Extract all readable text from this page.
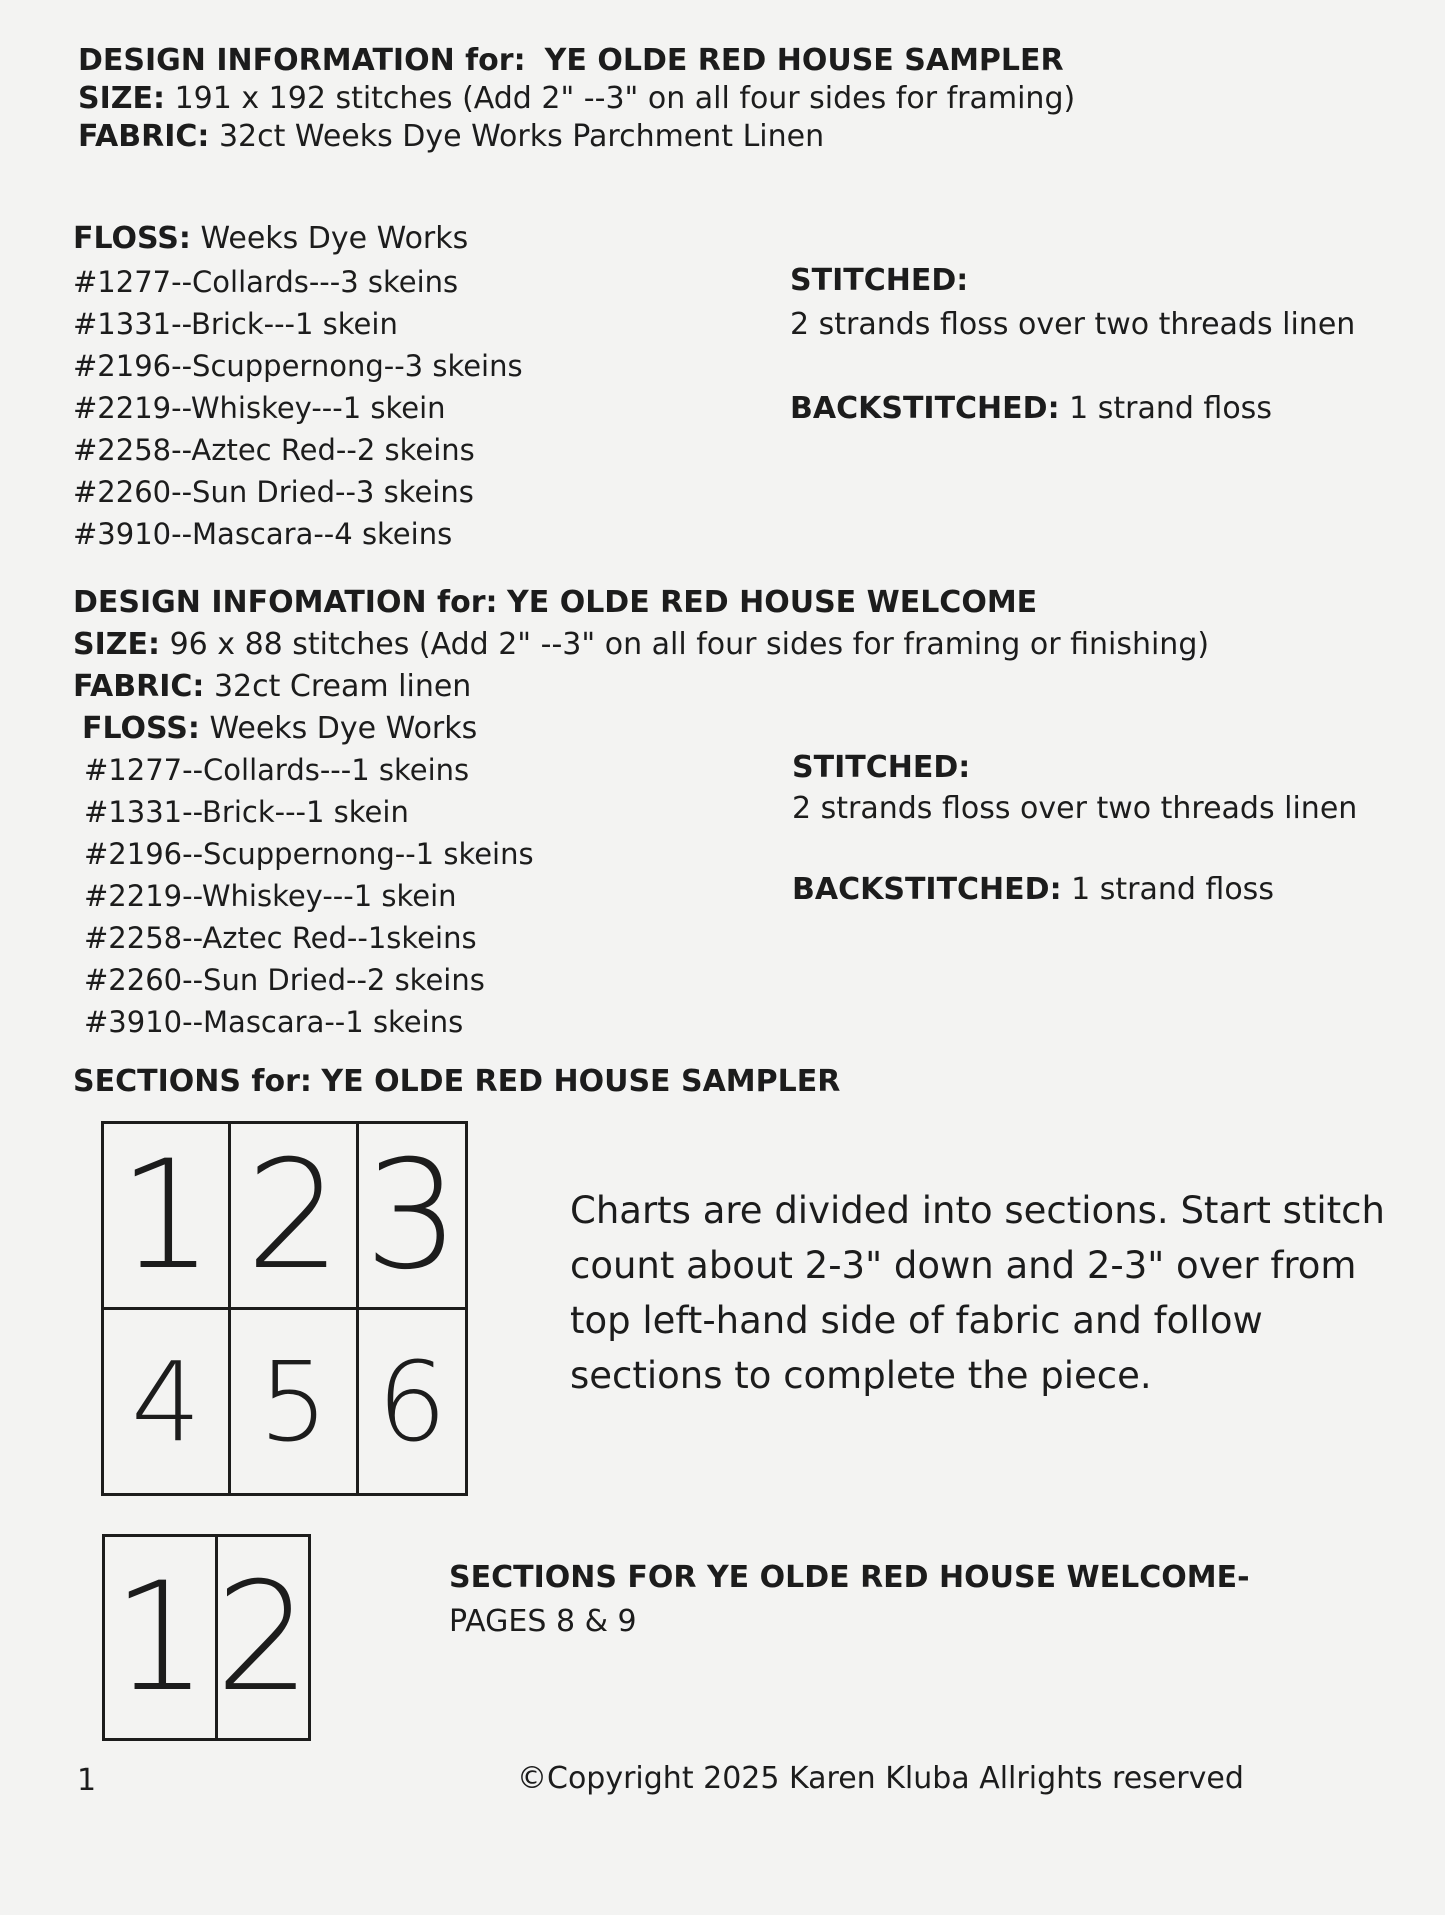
DESIGN INFORMATION for: YE OLDE RED HOUSE SAMPLER
SIZE: 191 x 192 stitches (Add 2" --3" on all four sides for framing)
FABRIC: 32ct Weeks Dye Works Parchment Linen
FLOSS: Weeks Dye Works
#1277--Collards---3 skeins
#1331--Brick---1 skein
#2196--Scuppernong--3 skeins
#2219--Whiskey---1 skein
#2258--Aztec Red--2 skeins
#2260--Sun Dried--3 skeins
#3910--Mascara--4 skeins
STITCHED:
2 strands floss over two threads linen
BACKSTITCHED: 1 strand floss
DESIGN INFOMATION for: YE OLDE RED HOUSE WELCOME
SIZE: 96 x 88 stitches (Add 2" --3" on all four sides for framing or finishing)
FABRIC: 32ct Cream linen
FLOSS: Weeks Dye Works
#1277--Collards---1 skeins
#1331--Brick---1 skein
#2196--Scuppernong--1 skeins
#2219--Whiskey---1 skein
#2258--Aztec Red--1skeins
#2260--Sun Dried--2 skeins
#3910--Mascara--1 skeins
STITCHED:
2 strands floss over two threads linen
BACKSTITCHED: 1 strand floss
SECTIONS for: YE OLDE RED HOUSE SAMPLER
1 2 3
4 5 6
Charts are divided into sections. Start stitch count about 2-3" down and 2-3" over from top left-hand side of fabric and follow sections to complete the piece.
1 2	SECTIONS FOR YE OLDE RED HOUSE WELCOME-
PAGES 8 & 9
1	©Copyright 2025 Karen Kluba Allrights reserved
